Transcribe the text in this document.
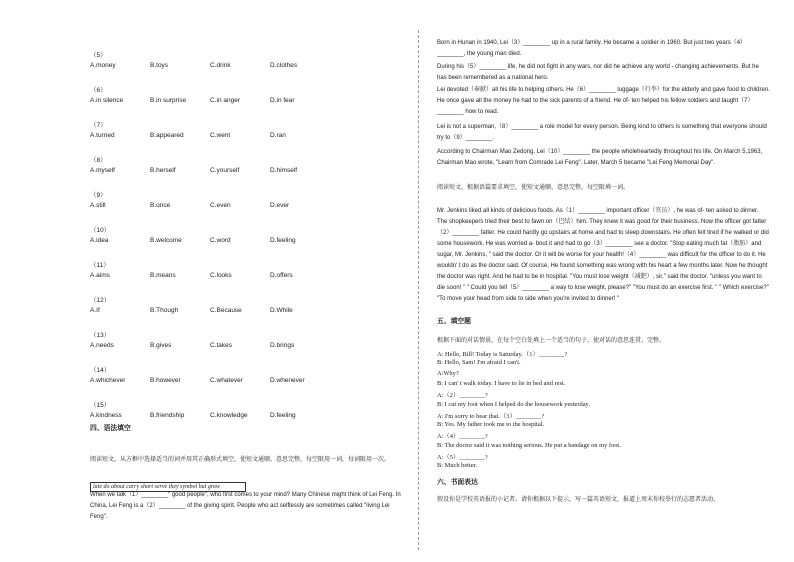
（5）
A.money	B.toys	C.drink	D.clothes
（6）
A.in silence	B.in surprise	C.in anger	D.in fear
（7）
A.turned	B.appeared	C.went	D.ran
（8）
A.myself	B.herself	C.yourself	D.himself
（9）
A.still	B.once	C.even	D.ever
（10）
A.idea	B.welcome	C.word	D.feeling
（11）
A.aims	B.means	C.looks	D.offers
（12）
A.If	B.Though	C.Because	D.While
（13）
A.needs	B.gives	C.takes	D.brings
（14）
A.whichever	B.however	C.whatever	D.whenever
（15）
A.kindness	B.friendship	C.knowledge	D.feeling
四、语法填空
阅读短文，从方框中选择适当的词并用其正确形式填空，使短文通顺、意思完整，每空限用一词，每词限用一次。
late do about carry short serve they symbol but grow
When we talk（1）________" good people", who first comes to your mind? Many Chinese might think of Lei Feng. In China, Lei Feng is a（2）________ of the giving spirit. People who act selflessly are sometimes called "living Lei Feng".
Born in Hunan in 1940, Lei（3）________ up in a rural family. He became a soldier in 1960. But just two years（4）________, the young man died.
During his（5）________ life, he did not fight in any wars, nor did he achieve any world - changing achievements. But he has been remembered as a national hero.
Lei devoted（奉献）all his life to helping others. He（6）________ luggage（行李）for the elderly and gave food to children. He once gave all the money he had to the sick parents of a friend. He of- ten helped his fellow soldiers and taught（7）________ how to read.
Lei is not a superman,（8）________ a role model for every person. Being kind to others is something that everyone should try to（9）________.
According to Chairman Mao Zedong, Lei（10）________ the people wholeheartedly throughout his life. On March 5,1963, Chairman Mao wrote, "Learn from Comrade Lei Feng". Later, March 5 became "Lei Feng Memorial Day".
阅读短文，根据语篇要求填空，使短文通顺、意思完整，每空限填一词。
Mr. Jenkins liked all kinds of delicious foods. As（1）________ important officer（官员）, he was of- ten asked to dinner. The shopkeepers tried their best to fawn on（巴结）him. They knew it was good for their business. Now the officer got fatter（2）________ fatter. He could hardly go upstairs at home and had to sleep downstairs. He often felt tired if he walked or did some housework. He was worried a- bout it and had to go（3）________ see a doctor. "Stop eating much fat（脂肪）and sugar, Mr. Jenkins, " said the doctor. Or it will be worse for your health!（4）________ was difficult for the officer to do it. He wouldn' t do as the doctor said. Of course, He found something was wrong with his heart a few months later. Now he thought the doctor was right. And he had to be in hospital. "You must lose weight（减肥）, sir," said the doctor. "unless you want to die soon! " " Could you tell（5）________ a way to lose weight, please?" "You must do an exercise first. " " Which exercise?" "To move your head from side to side when you're invited to dinner! "
五、填空题
根据下面的对话情景，在每个空白处填上一个适当的句子，使对话的意思连贯、完整。
A: Hello, Bill! Today is Saturday.（1）________?
B: Hello, Sam! I'm afraid I can't.
A:Why?
B: I can' t walk today. I have to lie in bed and rest.
A:（2）________?
B: I cut my foot when I helped do the housework yesterday.
A: I'm sorry to hear that.（3）________?
B: Yes. My father took me to the hospital.
A:（4）________?
B: The doctor said it was nothing serious. He put a bandage on my foot.
A:（5）________?
B: Much better.
六、书面表达
假设你是学校英语报的小记者。请你根据以下提示，写一篇英语短文，报道上周末你校举行的志愿者活动。
